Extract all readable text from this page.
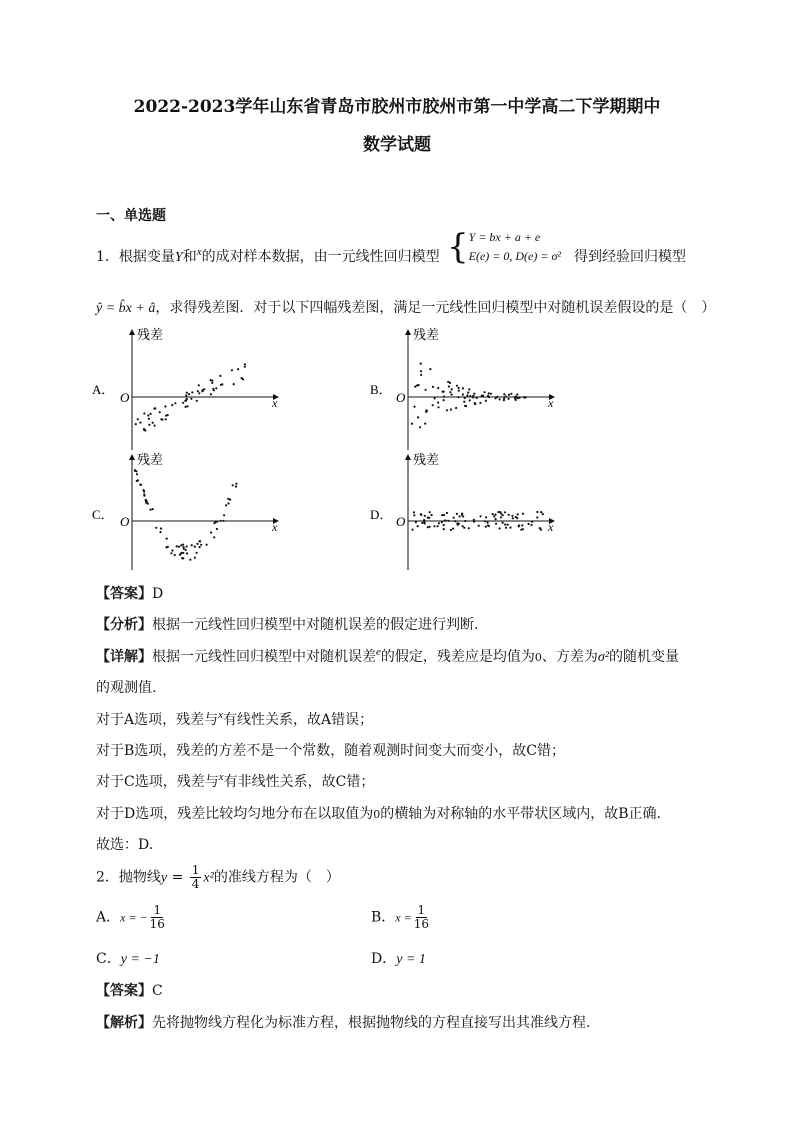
2022-2023学年山东省青岛市胶州市胶州市第一中学高二下学期期中
数学试题
一、单选题
1．根据变量Y和$^x$的成对样本数据，由一元线性回归模型 { Y = bx + a + e
E(e) = 0, D(e) = σ² 得到经验回归模型
ŷ = b̂x + â，求得残差图．对于以下四幅残差图，满足一元线性回归模型中对随机误差假设的是（　）
残差
O	x
A．
残差
O	x
B．
残差
O	x
C．
残差
O	x
D．
【答案】D
【分析】根据一元线性回归模型中对随机误差的假定进行判断.
【详解】根据一元线性回归模型中对随机误差$^e$的假定，残差应是均值为0、方差为σ²的随机变量
的观测值.
对于A选项，残差与$^x$有线性关系，故A错误；
对于B选项，残差的方差不是一个常数，随着观测时间变大而变小，故C错；
对于C选项，残差与$^x$有非线性关系，故C错；
对于D选项，残差比较均匀地分布在以取值为0的横轴为对称轴的水平带状区域内，故B正确.
故选：D.
2．抛物线$y = \frac{1}{4} x^2$的准线方程为（　）
A．x = − $\frac{1}{16}$	B．$x = \frac{1}{16}$
C．y = −1	D．y = 1
【答案】C
【解析】先将抛物线方程化为标准方程，根据抛物线的方程直接写出其准线方程.
